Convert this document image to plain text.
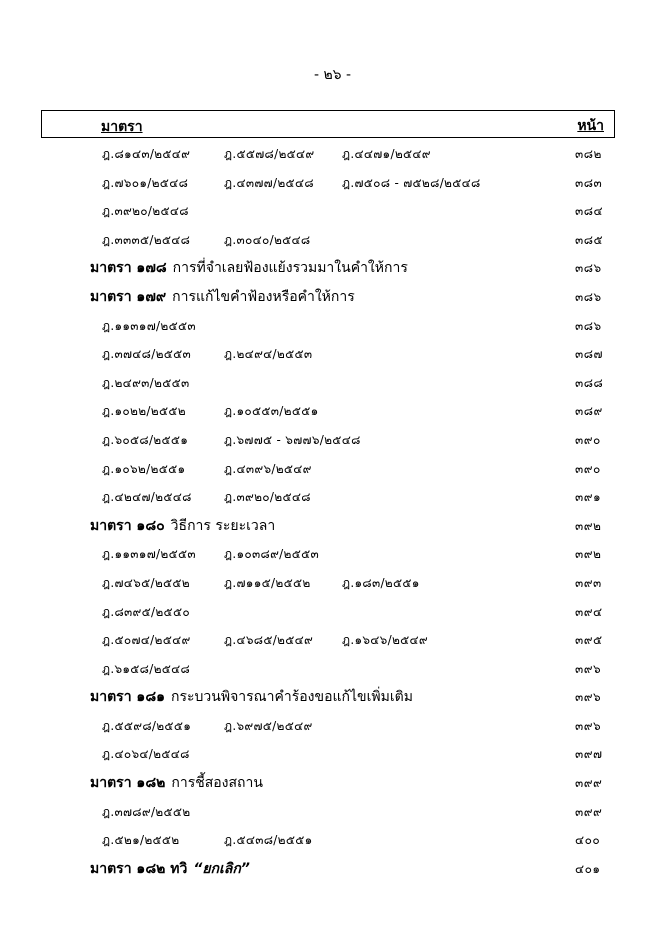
- ๒๖ -
มาตรา	หน้า
ฎ.๘๑๔๓/๒๕๔๙	ฎ.๕๕๗๘/๒๕๔๙ ฎ.๔๔๗๑/๒๕๔๙	๓๘๒
ฎ.๗๖๐๑/๒๕๔๘	ฎ.๔๓๗๗/๒๕๔๘ ฎ.๗๕๐๘ - ๗๕๒๘/๒๕๔๘	๓๘๓
ฎ.๓๙๒๐/๒๕๔๘	๓๘๔
ฎ.๓๓๓๕/๒๕๔๘	ฎ.๓๐๔๐/๒๕๔๘	๓๘๕
มาตรา ๑๗๘ การที่จำเลยฟ้องแย้งรวมมาในคำให้การ	๓๘๖
มาตรา ๑๗๙ การแก้ไขคำฟ้องหรือคำให้การ	๓๘๖
ฎ.๑๑๓๑๗/๒๕๕๓	๓๘๖
ฎ.๓๗๔๘/๒๕๕๓	ฎ.๒๔๙๔/๒๕๕๓	๓๘๗
ฎ.๒๔๙๓/๒๕๕๓	๓๘๘
ฎ.๑๐๒๒/๒๕๕๒	ฎ.๑๐๕๕๓/๒๕๕๑	๓๘๙
ฎ.๖๐๕๘/๒๕๕๑	ฎ.๖๗๗๕ - ๖๗๗๖/๒๕๔๘	๓๙๐
ฎ.๑๐๖๒/๒๕๕๑	ฎ.๔๓๙๖/๒๕๔๙	๓๙๐
ฎ.๔๒๔๗/๒๕๔๘	ฎ.๓๙๒๐/๒๕๔๘	๓๙๑
มาตรา ๑๘๐ วิธีการ ระยะเวลา	๓๙๒
ฎ.๑๑๓๑๗/๒๕๕๓ ฎ.๑๐๓๘๙/๒๕๕๓	๓๙๒
ฎ.๗๔๖๕/๒๕๕๒	ฎ.๗๑๑๕/๒๕๕๒	ฎ.๑๘๓/๒๕๕๑	๓๙๓
ฎ.๘๓๙๕/๒๕๕๐	๓๙๔
ฎ.๕๐๗๔/๒๕๔๙	ฎ.๔๖๘๕/๒๕๔๙ ฎ.๑๖๔๖/๒๕๔๙	๓๙๕
ฎ.๖๑๕๘/๒๕๔๘	๓๙๖
มาตรา ๑๘๑ กระบวนพิจารณาคำร้องขอแก้ไขเพิ่มเติม	๓๙๖
ฎ.๕๕๙๘/๒๕๕๑	ฎ.๖๙๗๕/๒๕๔๙	๓๙๖
ฎ.๔๐๖๔/๒๕๔๘	๓๙๗
มาตรา ๑๘๒ การชี้สองสถาน	๓๙๙
ฎ.๓๗๘๙/๒๕๕๒	๓๙๙
ฎ.๕๒๑/๒๕๕๒	ฎ.๕๔๓๘/๒๕๕๑	๔๐๐
มาตรา ๑๘๒ ทวิ “ยกเลิก”	๔๐๑
